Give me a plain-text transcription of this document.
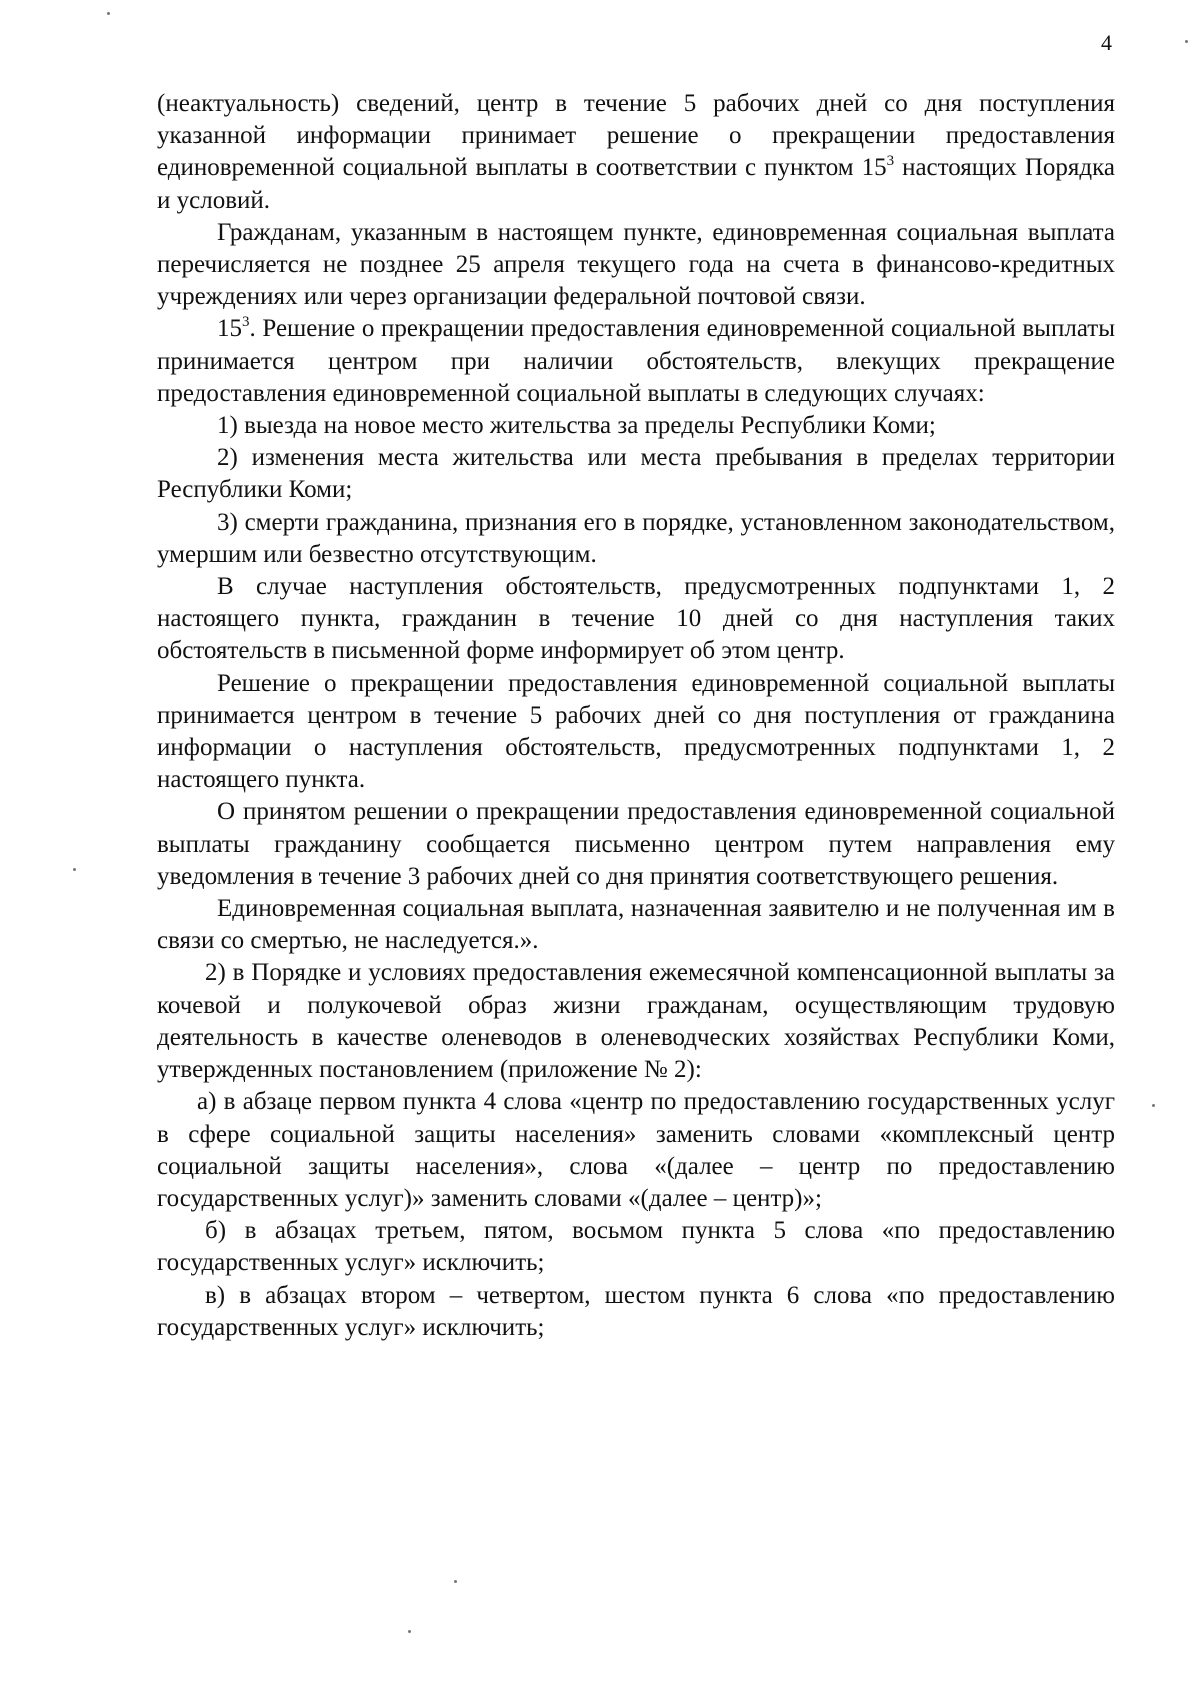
4

(неактуальность) сведений, центр в течение 5 рабочих дней со дня поступления указанной информации принимает решение о прекращении предоставления единовременной социальной выплаты в соответствии с пунктом $15^3$ настоящих Порядка и условий.

Гражданам, указанным в настоящем пункте, единовременная социальная выплата перечисляется не позднее 25 апреля текущего года на счета в финансово-кредитных учреждениях или через организации федеральной почтовой связи.

$15^3$. Решение о прекращении предоставления единовременной социальной выплаты принимается центром при наличии обстоятельств, влекущих прекращение предоставления единовременной социальной выплаты в следующих случаях:

1) выезда на новое место жительства за пределы Республики Коми;

2) изменения места жительства или места пребывания в пределах территории Республики Коми;

3) смерти гражданина, признания его в порядке, установленном законодательством, умершим или безвестно отсутствующим.

В случае наступления обстоятельств, предусмотренных подпунктами 1, 2 настоящего пункта, гражданин в течение 10 дней со дня наступления таких обстоятельств в письменной форме информирует об этом центр.

Решение о прекращении предоставления единовременной социальной выплаты принимается центром в течение 5 рабочих дней со дня поступления от гражданина информации о наступления обстоятельств, предусмотренных подпунктами 1, 2 настоящего пункта.

О принятом решении о прекращении предоставления единовременной социальной выплаты гражданину сообщается письменно центром путем направления ему уведомления в течение 3 рабочих дней со дня принятия соответствующего решения.

Единовременная социальная выплата, назначенная заявителю и не полученная им в связи со смертью, не наследуется.».

2) в Порядке и условиях предоставления ежемесячной компенсационной выплаты за кочевой и полукочевой образ жизни гражданам, осуществляющим трудовую деятельность в качестве оленеводов в оленеводческих хозяйствах Республики Коми, утвержденных постановлением (приложение № 2):

а) в абзаце первом пункта 4 слова «центр по предоставлению государственных услуг в сфере социальной защиты населения» заменить словами «комплексный центр социальной защиты населения», слова «(далее – центр по предоставлению государственных услуг)» заменить словами «(далее – центр)»;

б) в абзацах третьем, пятом, восьмом пункта 5 слова «по предоставлению государственных услуг» исключить;

в) в абзацах втором – четвертом, шестом пункта 6 слова «по предоставлению государственных услуг» исключить;
